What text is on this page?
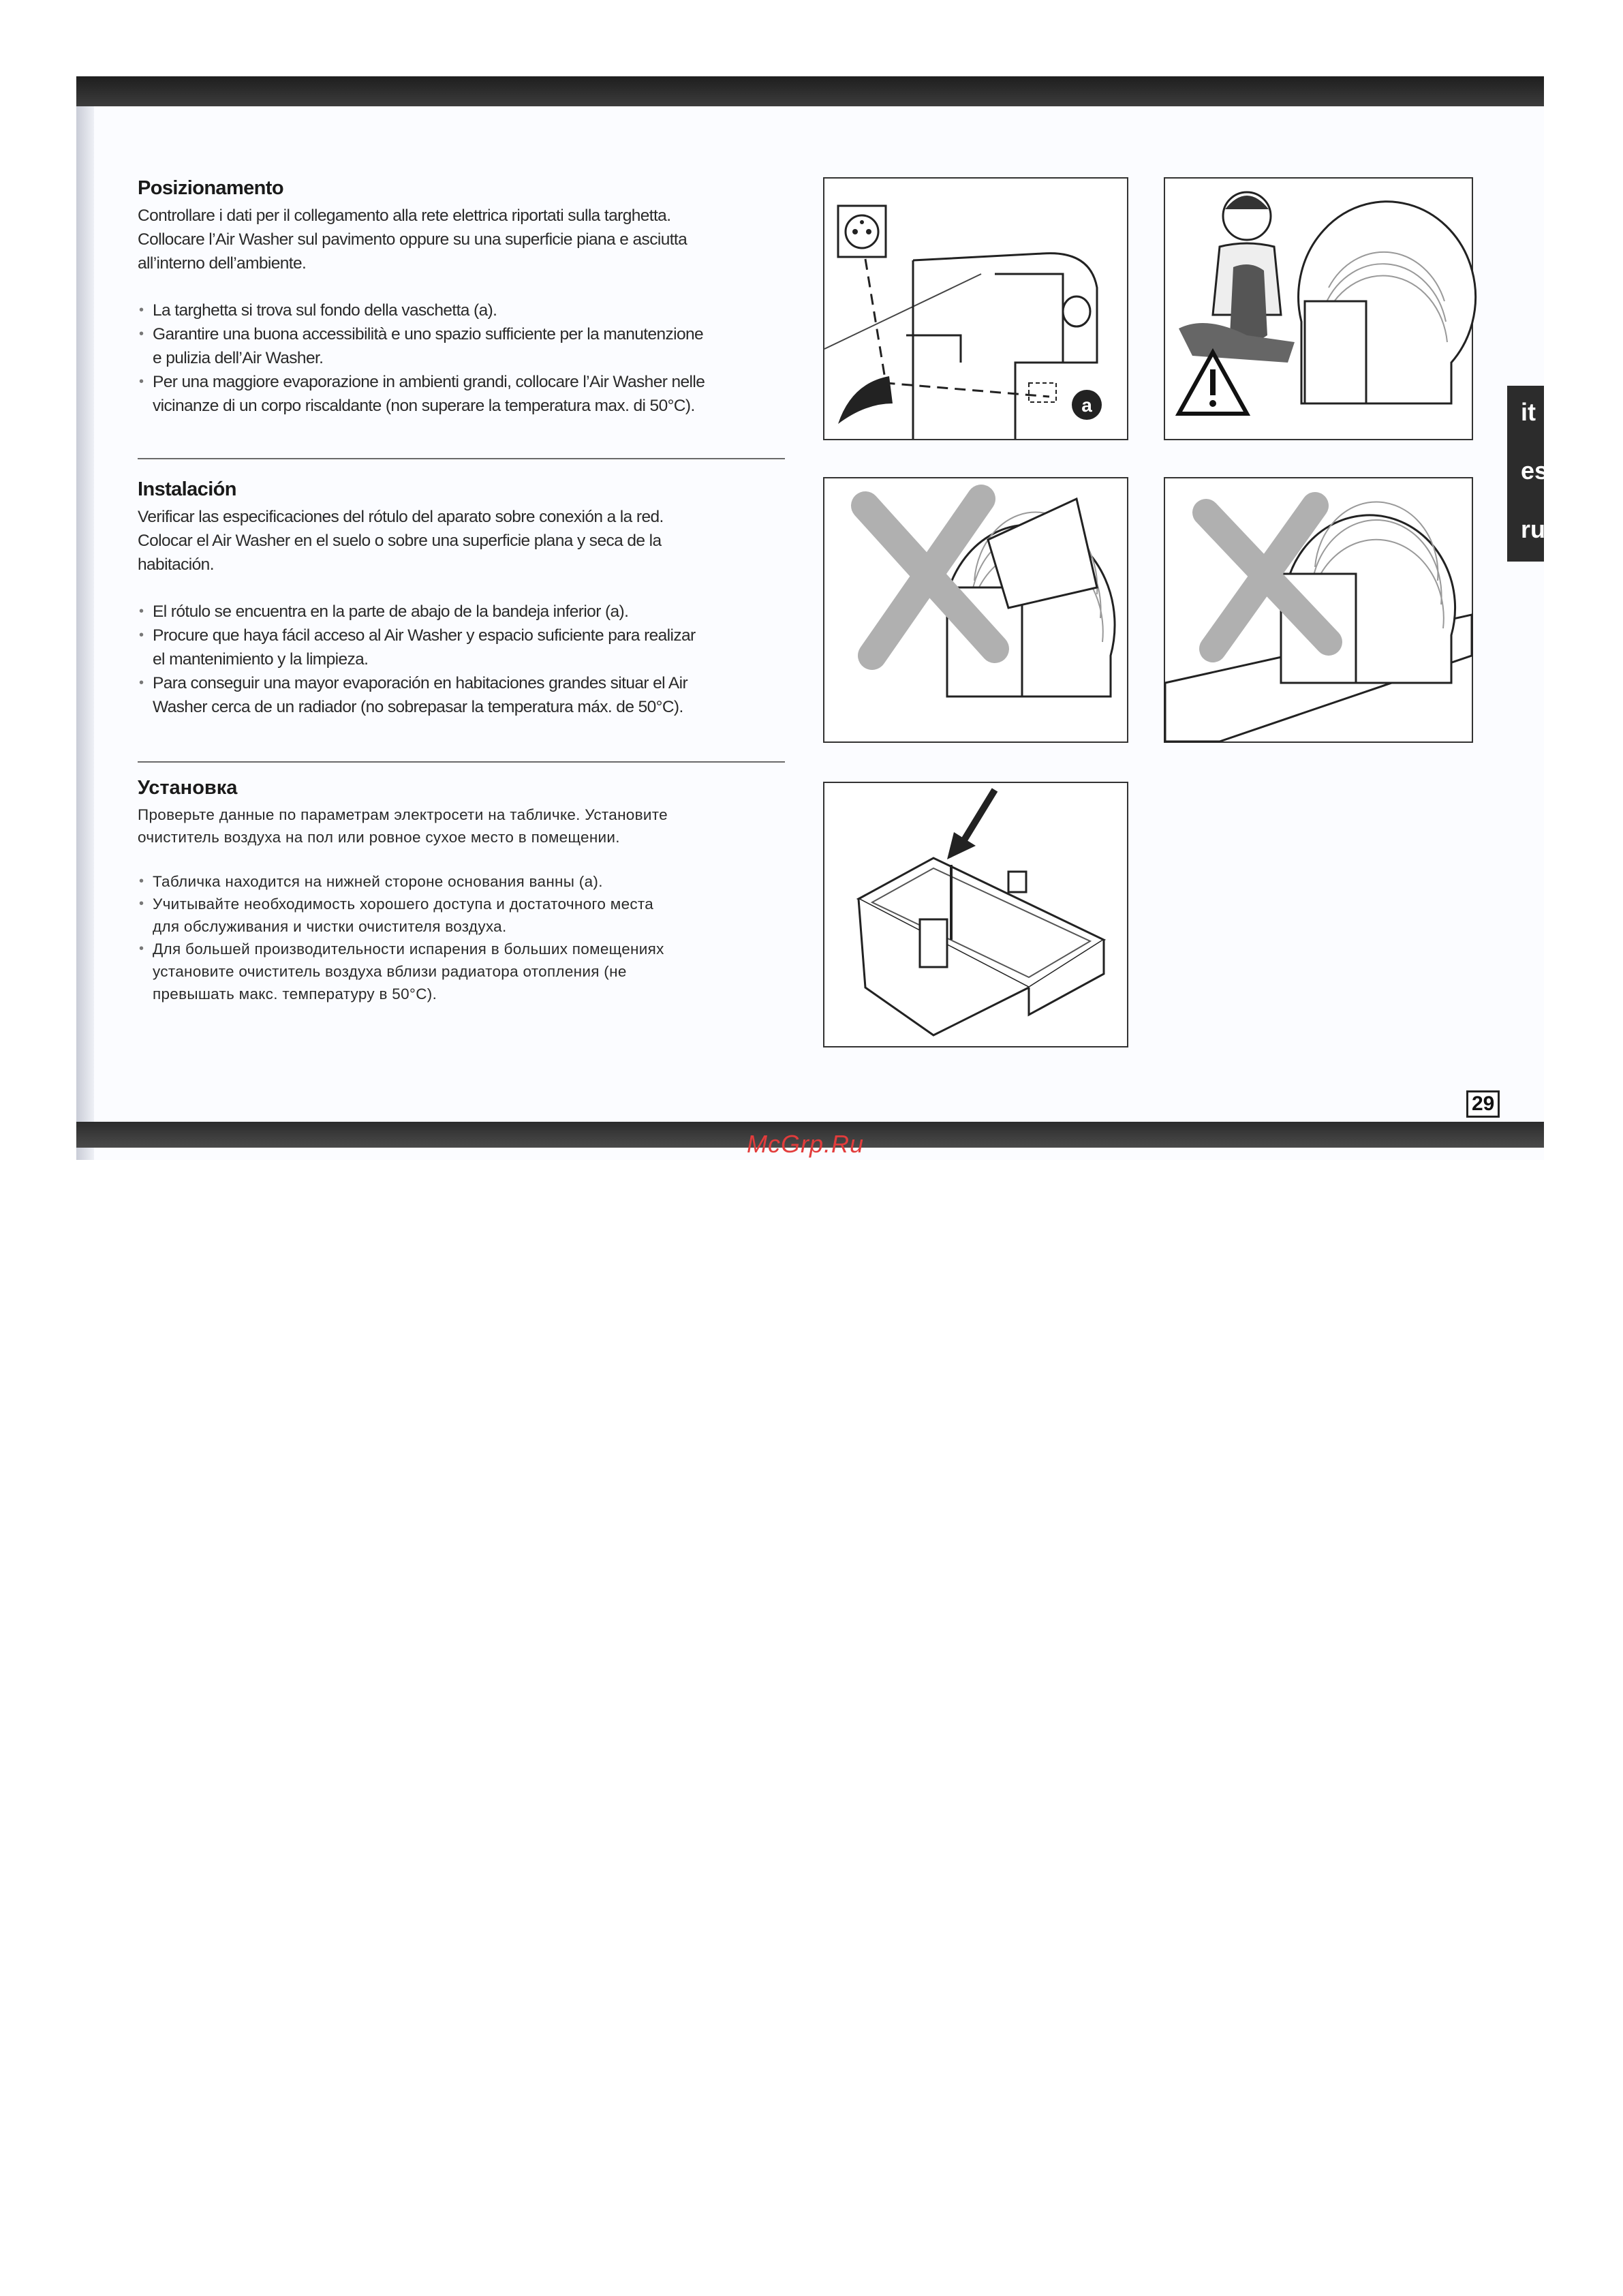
Posizionamento

Controllare i dati per il collegamento alla rete elettrica riportati sulla targhetta.
Collocare l’Air Washer sul pavimento oppure su una superficie piana e asciutta
all’interno dell’ambiente.

• La targhetta si trova sul fondo della vaschetta (a).
• Garantire una buona accessibilità e uno spazio sufficiente per la manutenzione
e pulizia dell’Air Washer.
• Per una maggiore evaporazione in ambienti grandi, collocare l’Air Washer nelle
vicinanze di un corpo riscaldante (non superare la temperatura max. di 50°C).
Instalación

Verificar las especificaciones del rótulo del aparato sobre conexión a la red.
Colocar el Air Washer en el suelo o sobre una superficie plana y seca de la
habitación.

• El rótulo se encuentra en la parte de abajo de la bandeja inferior (a).
• Procure que haya fácil acceso al Air Washer y espacio suficiente para realizar
el mantenimiento y la limpieza.
• Para conseguir una mayor evaporación en habitaciones grandes situar el Air
Washer cerca de un radiador (no sobrepasar la temperatura máx. de 50°C).
Установка

Проверьте данные по параметрам электросети на табличке. Установите
очиститель воздуха на пол или ровное сухое место в помещении.

• Табличка находится на нижней стороне основания ванны (a).
• Учитывайте необходимость хорошего доступа и достаточного места
для обслуживания и чистки очистителя воздуха.
• Для большей производительности испарения в больших помещениях
установите очиститель воздуха вблизи радиатора отопления (не
превышать макс. температуру в 50°C).
a	it
es
ru
29
McGrp.Ru
